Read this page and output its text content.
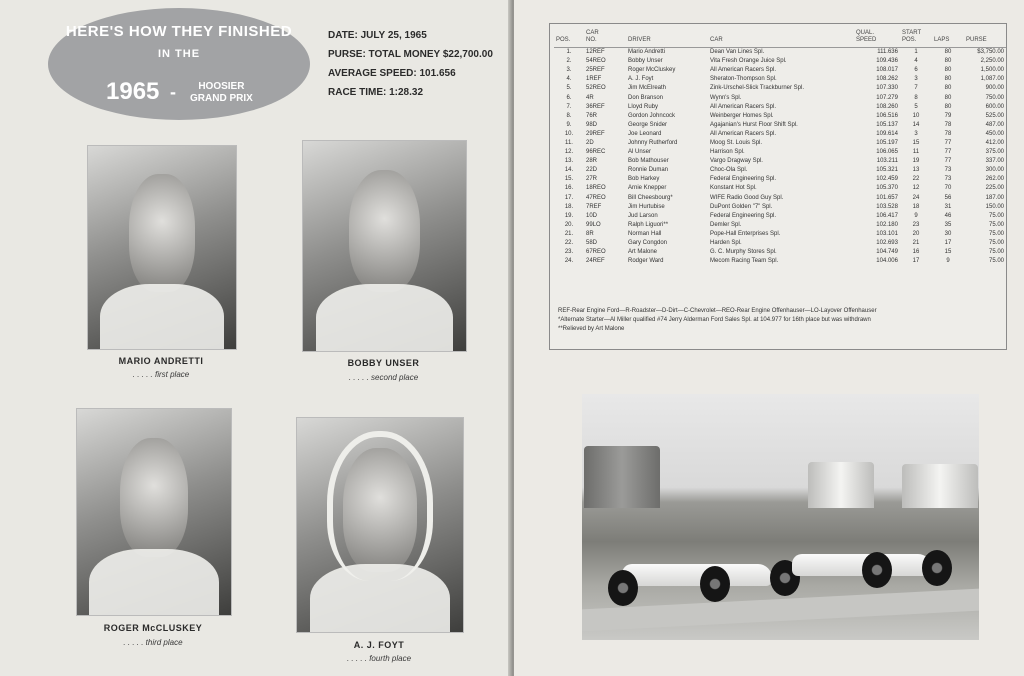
HERE'S HOW THEY FINISHED
IN THE
1965 -	HOOSIER
GRAND PRIX
DATE: JULY 25, 1965
PURSE: TOTAL MONEY $22,700.00
AVERAGE SPEED: 101.656
RACE TIME: 1:28.32
MARIO ANDRETTI
. . . . . first place
BOBBY UNSER
. . . . . second place
ROGER McCLUSKEY
. . . . . third place	A. J. FOYT
. . . . . fourth place
POS.	CAR
NO.	DRIVER	CAR	QUAL.
SPEED	START
POS.	LAPS	PURSE
1.	12REF	Mario Andretti	Dean Van Lines Spl.	111.636	1	80	$3,750.00
2.	54REO	Bobby Unser	Vita Fresh Orange Juice Spl.	109.436	4	80	2,250.00
3.	25REF	Roger McCluskey	All American Racers Spl.	108.017	6	80	1,500.00
4.	1REF	A. J. Foyt	Sheraton-Thompson Spl.	108.262	3	80	1,087.00
5.	52REO	Jim McElreath	Zink-Urschel-Slick Trackburner Spl.	107.330	7	80	900.00
6.	4R	Don Branson	Wynn's Spl.	107.279	8	80	750.00
7.	36REF	Lloyd Ruby	All American Racers Spl.	108.260	5	80	600.00
8.	76R	Gordon Johncock	Weinberger Homes Spl.	106.516	10	79	525.00
9.	98D	George Snider	Agajanian's Hurst Floor Shift Spl.	105.137	14	78	487.00
10.	29REF	Joe Leonard	All American Racers Spl.	109.614	3	78	450.00
11.	2D	Johnny Rutherford	Moog St. Louis Spl.	105.197	15	77	412.00
12.	96REC	Al Unser	Harrison Spl.	106.065	11	77	375.00
13.	28R	Bob Mathouser	Vargo Dragway Spl.	103.211	19	77	337.00
14.	22D	Ronnie Duman	Choc-Ola Spl.	105.321	13	73	300.00
15.	27R	Bob Harkey	Federal Engineering Spl.	102.459	22	73	262.00
16.	18REO	Arnie Knepper	Konstant Hot Spl.	105.370	12	70	225.00
17.	47REO	Bill Cheesbourg*	WIFE Radio Good Guy Spl.	101.657	24	56	187.00
18.	7REF	Jim Hurtubise	DuPont Golden "7" Spl.	103.528	18	31	150.00
19.	10D	Jud Larson	Federal Engineering Spl.	106.417	9	46	75.00
20.	99LO	Ralph Liguori**	Demler Spl.	102.180	23	35	75.00
21.	8R	Norman Hall	Pope-Hall Enterprises Spl.	103.101	20	30	75.00
22.	58D	Gary Congdon	Harden Spl.	102.693	21	17	75.00
23.	67REO	Art Malone	G. C. Murphy Stores Spl.	104.749	16	15	75.00
24.	24REF	Rodger Ward	Mecom Racing Team Spl.	104.006	17	9	75.00
REF-Rear Engine Ford—R-Roadster—D-Dirt—C-Chevrolet—REO-Rear Engine Offenhauser—LO-Layover Offenhauser
*Alternate Starter—Al Miller qualified #74 Jerry Alderman Ford Sales Spl. at 104.977 for 16th place but was withdrawn
**Relieved by Art Malone
